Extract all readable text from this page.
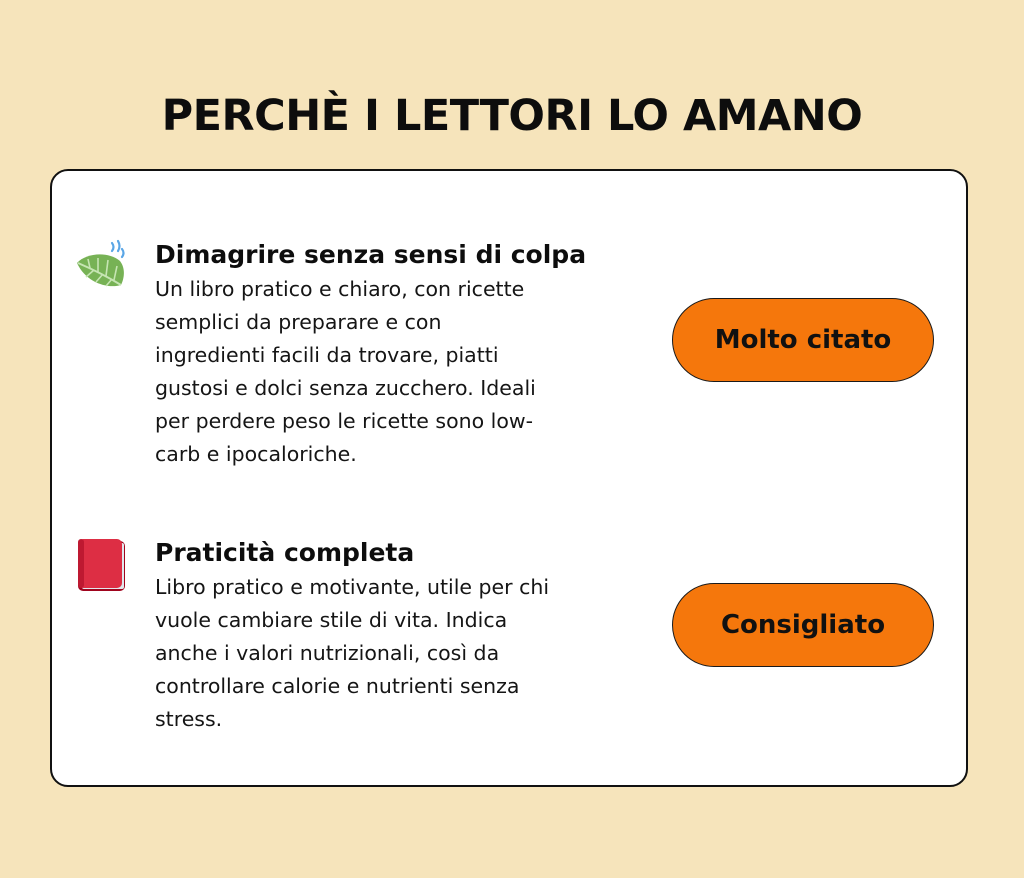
PERCHÈ I LETTORI LO AMANO
Dimagrire senza sensi di colpa

Un libro pratico e chiaro, con ricette
semplici da preparare e con
ingredienti facili da trovare, piatti
gustosi e dolci senza zucchero. Ideali
per perdere peso le ricette sono low-
carb e ipocaloriche.

Molto citato
Praticità completa

Libro pratico e motivante, utile per chi
vuole cambiare stile di vita. Indica
anche i valori nutrizionali, così da
controllare calorie e nutrienti senza
stress.

Consigliato
